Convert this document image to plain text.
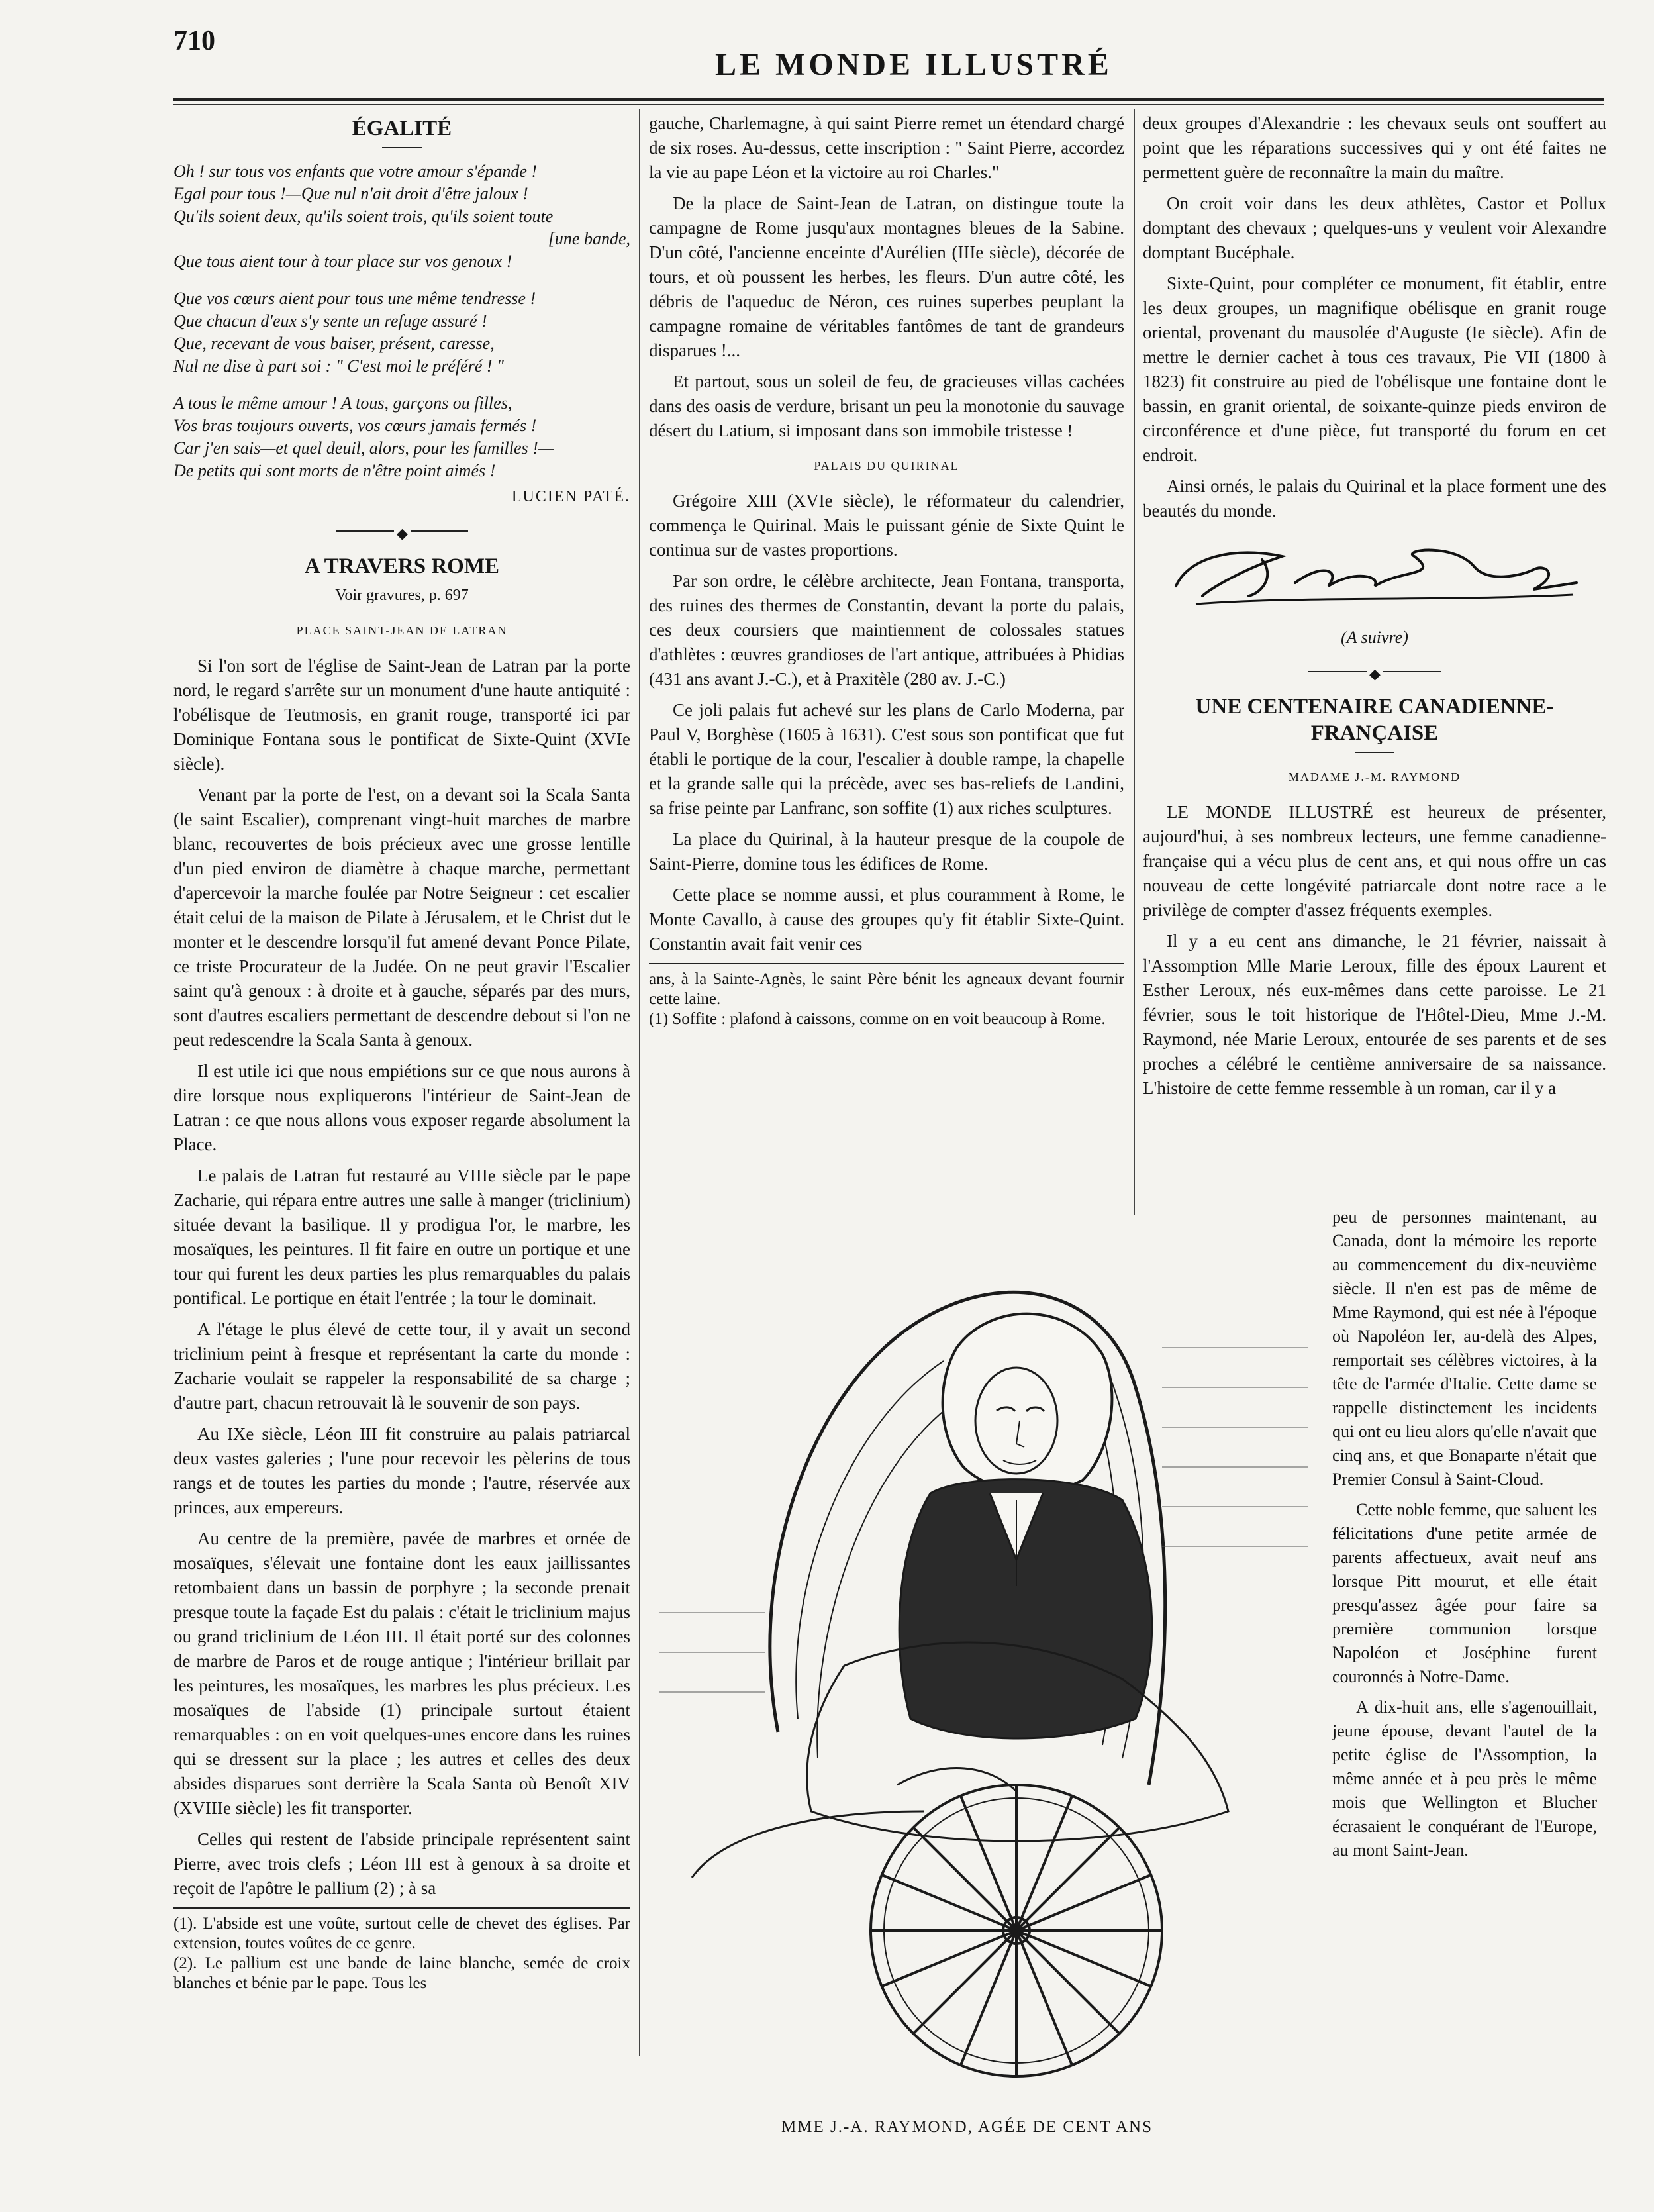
710
LE MONDE ILLUSTRÉ
ÉGALITÉ
Oh ! sur tous vos enfants que votre amour s'épande !
Egal pour tous !—Que nul n'ait droit d'être jaloux !
Qu'ils soient deux, qu'ils soient trois, qu'ils soient toute
[une bande,
Que tous aient tour à tour place sur vos genoux !
Que vos cœurs aient pour tous une même tendresse !
Que chacun d'eux s'y sente un refuge assuré !
Que, recevant de vous baiser, présent, caresse,
Nul ne dise à part soi : " C'est moi le préféré ! "
A tous le même amour ! A tous, garçons ou filles,
Vos bras toujours ouverts, vos cœurs jamais fermés !
Car j'en sais—et quel deuil, alors, pour les familles !—
De petits qui sont morts de n'être point aimés !
LUCIEN PATÉ.
◆
A TRAVERS ROME
Voir gravures, p. 697
PLACE SAINT-JEAN DE LATRAN

Si l'on sort de l'église de Saint-Jean de Latran par la porte nord, le regard s'arrête sur un monument d'une haute antiquité : l'obélisque de Teutmosis, en granit rouge, transporté ici par Dominique Fontana sous le pontificat de Sixte-Quint (XVIe siècle).

Venant par la porte de l'est, on a devant soi la Scala Santa (le saint Escalier), comprenant vingt-huit marches de marbre blanc, recouvertes de bois précieux avec une grosse lentille d'un pied environ de diamètre à chaque marche, permettant d'apercevoir la marche foulée par Notre Seigneur : cet escalier était celui de la maison de Pilate à Jérusalem, et le Christ dut le monter et le descendre lorsqu'il fut amené devant Ponce Pilate, ce triste Procurateur de la Judée. On ne peut gravir l'Escalier saint qu'à genoux : à droite et à gauche, séparés par des murs, sont d'autres escaliers permettant de descendre debout si l'on ne peut redescendre la Scala Santa à genoux.

Il est utile ici que nous empiétions sur ce que nous aurons à dire lorsque nous expliquerons l'intérieur de Saint-Jean de Latran : ce que nous allons vous exposer regarde absolument la Place.

Le palais de Latran fut restauré au VIIIe siècle par le pape Zacharie, qui répara entre autres une salle à manger (triclinium) située devant la basilique. Il y prodigua l'or, le marbre, les mosaïques, les peintures. Il fit faire en outre un portique et une tour qui furent les deux parties les plus remarquables du palais pontifical. Le portique en était l'entrée ; la tour le dominait.

A l'étage le plus élevé de cette tour, il y avait un second triclinium peint à fresque et représentant la carte du monde : Zacharie voulait se rappeler la responsabilité de sa charge ; d'autre part, chacun retrouvait là le souvenir de son pays.

Au IXe siècle, Léon III fit construire au palais patriarcal deux vastes galeries ; l'une pour recevoir les pèlerins de tous rangs et de toutes les parties du monde ; l'autre, réservée aux princes, aux empereurs.

Au centre de la première, pavée de marbres et ornée de mosaïques, s'élevait une fontaine dont les eaux jaillissantes retombaient dans un bassin de porphyre ; la seconde prenait presque toute la façade Est du palais : c'était le triclinium majus ou grand triclinium de Léon III. Il était porté sur des colonnes de marbre de Paros et de rouge antique ; l'intérieur brillait par les peintures, les mosaïques, les marbres les plus précieux. Les mosaïques de l'abside (1) principale surtout étaient remarquables : on en voit quelques-unes encore dans les ruines qui se dressent sur la place ; les autres et celles des deux absides disparues sont derrière la Scala Santa où Benoît XIV (XVIIIe siècle) les fit transporter.

Celles qui restent de l'abside principale représentent saint Pierre, avec trois clefs ; Léon III est à genoux à sa droite et reçoit de l'apôtre le pallium (2) ; à sa

(1). L'abside est une voûte, surtout celle de chevet des églises. Par extension, toutes voûtes de ce genre.
(2). Le pallium est une bande de laine blanche, semée de croix blanches et bénie par le pape. Tous les

gauche, Charlemagne, à qui saint Pierre remet un étendard chargé de six roses. Au-dessus, cette inscription : " Saint Pierre, accordez la vie au pape Léon et la victoire au roi Charles."

De la place de Saint-Jean de Latran, on distingue toute la campagne de Rome jusqu'aux montagnes bleues de la Sabine. D'un côté, l'ancienne enceinte d'Aurélien (IIIe siècle), décorée de tours, et où poussent les herbes, les fleurs. D'un autre côté, les débris de l'aqueduc de Néron, ces ruines superbes peuplant la campagne romaine de véritables fantômes de tant de grandeurs disparues !...

Et partout, sous un soleil de feu, de gracieuses villas cachées dans des oasis de verdure, brisant un peu la monotonie du sauvage désert du Latium, si imposant dans son immobile tristesse !

PALAIS DU QUIRINAL

Grégoire XIII (XVIe siècle), le réformateur du calendrier, commença le Quirinal. Mais le puissant génie de Sixte Quint le continua sur de vastes proportions.

Par son ordre, le célèbre architecte, Jean Fontana, transporta, des ruines des thermes de Constantin, devant la porte du palais, ces deux coursiers que maintiennent de colossales statues d'athlètes : œuvres grandioses de l'art antique, attribuées à Phidias (431 ans avant J.-C.), et à Praxitèle (280 av. J.-C.)

Ce joli palais fut achevé sur les plans de Carlo Moderna, par Paul V, Borghèse (1605 à 1631). C'est sous son pontificat que fut établi le portique de la cour, l'escalier à double rampe, la chapelle et la grande salle qui la précède, avec ses bas-reliefs de Landini, sa frise peinte par Lanfranc, son soffite (1) aux riches sculptures.

La place du Quirinal, à la hauteur presque de la coupole de Saint-Pierre, domine tous les édifices de Rome.

Cette place se nomme aussi, et plus couramment à Rome, le Monte Cavallo, à cause des groupes qu'y fit établir Sixte-Quint. Constantin avait fait venir ces

ans, à la Sainte-Agnès, le saint Père bénit les agneaux devant fournir cette laine.
(1) Soffite : plafond à caissons, comme on en voit beaucoup à Rome.

deux groupes d'Alexandrie : les chevaux seuls ont souffert au point que les réparations successives qui y ont été faites ne permettent guère de reconnaître la main du maître.

On croit voir dans les deux athlètes, Castor et Pollux domptant des chevaux ; quelques-uns y veulent voir Alexandre domptant Bucéphale.

Sixte-Quint, pour compléter ce monument, fit établir, entre les deux groupes, un magnifique obélisque en granit rouge oriental, provenant du mausolée d'Auguste (Ie siècle). Afin de mettre le dernier cachet à tous ces travaux, Pie VII (1800 à 1823) fit construire au pied de l'obélisque une fontaine dont le bassin, en granit oriental, de soixante-quinze pieds environ de circonférence et d'une pièce, fut transporté du forum en cet endroit.

Ainsi ornés, le palais du Quirinal et la place forment une des beautés du monde.

(A suivre)
◆
UNE CENTENAIRE CANADIENNE-FRANÇAISE
MADAME J.-M. RAYMOND

LE MONDE ILLUSTRÉ est heureux de présenter, aujourd'hui, à ses nombreux lecteurs, une femme canadienne-française qui a vécu plus de cent ans, et qui nous offre un cas nouveau de cette longévité patriarcale dont notre race a le privilège de compter d'assez fréquents exemples.

Il y a eu cent ans dimanche, le 21 février, naissait à l'Assomption Mlle Marie Leroux, fille des époux Laurent et Esther Leroux, nés eux-mêmes dans cette paroisse. Le 21 février, sous le toit historique de l'Hôtel-Dieu, Mme J.-M. Raymond, née Marie Leroux, entourée de ses parents et de ses proches a célébré le centième anniversaire de sa naissance. L'histoire de cette femme ressemble à un roman, car il y a

peu de personnes maintenant, au Canada, dont la mémoire les reporte au commencement du dix-neuvième siècle. Il n'en est pas de même de Mme Raymond, qui est née à l'époque où Napoléon Ier, au-delà des Alpes, remportait ses célèbres victoires, à la tête de l'armée d'Italie. Cette dame se rappelle distinctement les incidents qui ont eu lieu alors qu'elle n'avait que cinq ans, et que Bonaparte n'était que Premier Consul à Saint-Cloud.

Cette noble femme, que saluent les félicitations d'une petite armée de parents affectueux, avait neuf ans lorsque Pitt mourut, et elle était presqu'assez âgée pour faire sa première communion lorsque Napoléon et Joséphine furent couronnés à Notre-Dame.

A dix-huit ans, elle s'agenouillait, jeune épouse, devant l'autel de la petite église de l'Assomption, la même année et à peu près le même mois que Wellington et Blucher écrasaient le conquérant de l'Europe, au mont Saint-Jean.

MME J.-A. RAYMOND, AGÉE DE CENT ANS
